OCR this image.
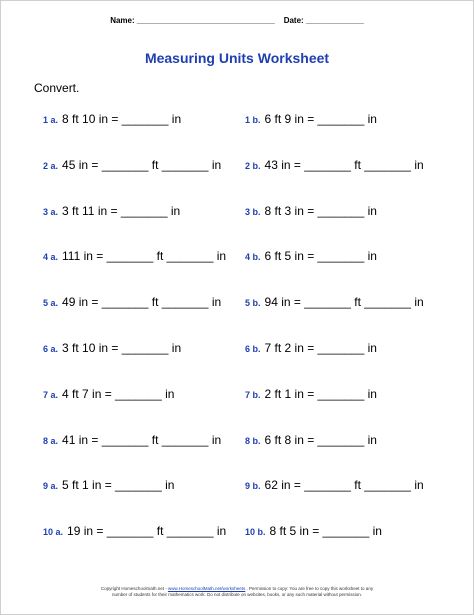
Name: _______________________________ Date: _____________
Measuring Units Worksheet
Convert.
1 a. 8 ft 10 in = _______ in	1 b. 6 ft 9 in = _______ in
2 a. 45 in = _______ ft _______ in	2 b. 43 in = _______ ft _______ in
3 a. 3 ft 11 in = _______ in	3 b. 8 ft 3 in = _______ in
4 a. 111 in = _______ ft _______ in 4 b. 6 ft 5 in = _______ in
5 a. 49 in = _______ ft _______ in	5 b. 94 in = _______ ft _______ in
6 a. 3 ft 10 in = _______ in	6 b. 7 ft 2 in = _______ in
7 a. 4 ft 7 in = _______ in	7 b. 2 ft 1 in = _______ in
8 a. 41 in = _______ ft _______ in	8 b. 6 ft 8 in = _______ in
9 a. 5 ft 1 in = _______ in	9 b. 62 in = _______ ft _______ in
10 a. 19 in = _______ ft _______ in 10 b. 8 ft 5 in = _______ in
Copyright Homeschoolmath.net - www.HomeschoolMath.net/worksheets . Permission to copy: You are free to copy this worksheet to any
number of students for their mathematics work. Do not distribute on websites, books, or any such material without permission.
